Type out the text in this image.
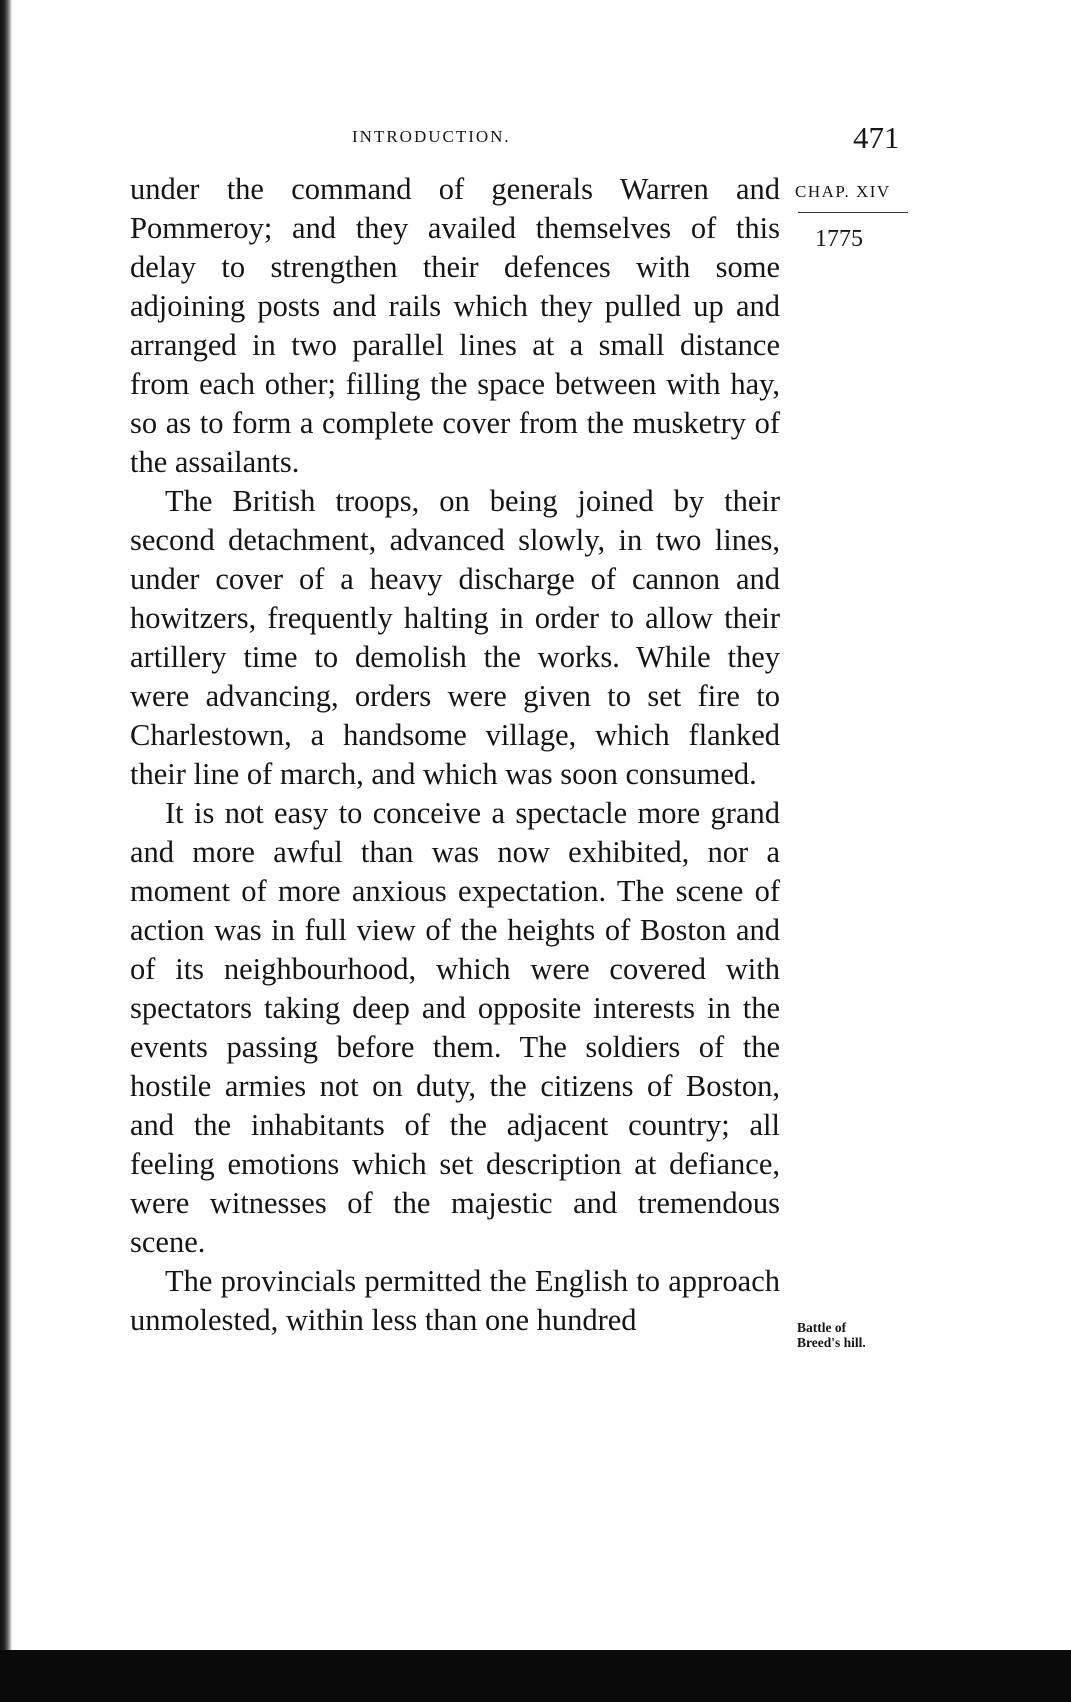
INTRODUCTION.	471
CHAP. XIV
1775

under the command of generals Warren and Pommeroy; and they availed themselves of this delay to strengthen their defences with some adjoining posts and rails which they pulled up and arranged in two parallel lines at a small distance from each other; filling the space between with hay, so as to form a complete cover from the musketry of the assailants.

The British troops, on being joined by their second detachment, advanced slowly, in two lines, under cover of a heavy discharge of cannon and howitzers, frequently halting in order to allow their artillery time to demolish the works. While they were advancing, orders were given to set fire to Charlestown, a handsome village, which flanked their line of march, and which was soon consumed.

It is not easy to conceive a spectacle more grand and more awful than was now exhibited, nor a moment of more anxious expectation. The scene of action was in full view of the heights of Boston and of its neighbourhood, which were covered with spectators taking deep and opposite interests in the events passing before them. The soldiers of the hostile armies not on duty, the citizens of Boston, and the inhabitants of the adjacent country; all feeling emotions which set description at defiance, were witnesses of the majestic and tremendous scene.

The provincials permitted the English to approach unmolested, within less than one hundred	Battle of
Breed's hill.
